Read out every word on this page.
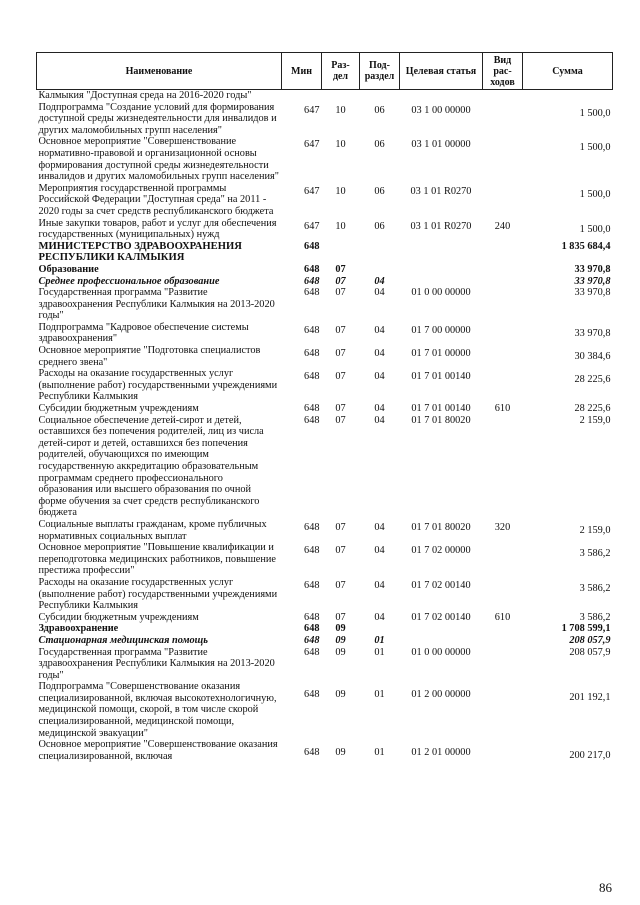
Наименование	Мин	Раз-дел	Под-раздел	Целевая статья	Вид рас-ходов	Сумма
Калмыкия "Доступная среда на 2016-2020 годы"						
Подпрограмма "Создание условий для формирования доступной среды жизнедеятельности для инвалидов и других маломобильных групп населения"	647	10	06	03 1 00 00000		1 500,0
Основное мероприятие "Совершенствование нормативно-правовой и организационной основы формирования доступной среды жизнедеятельности инвалидов и других маломобильных групп населения"	647	10	06	03 1 01 00000		1 500,0
Мероприятия государственной программы Российской Федерации "Доступная среда" на 2011 - 2020 годы за счет средств республиканского бюджета	647	10	06	03 1 01 R0270		1 500,0
Иные закупки товаров, работ и услуг для обеспечения государственных (муниципальных) нужд	647	10	06	03 1 01 R0270	240	1 500,0
МИНИСТЕРСТВО ЗДРАВООХРАНЕНИЯ РЕСПУБЛИКИ КАЛМЫКИЯ	648					1 835 684,4
Образование	648	07				33 970,8
Среднее профессиональное образование	648	07	04			33 970,8
Государственная программа "Развитие здравоохранения Республики Калмыкия на 2013-2020 годы"	648	07	04	01 0 00 00000		33 970,8
Подпрограмма "Кадровое обеспечение системы здравоохранения"	648	07	04	01 7 00 00000		33 970,8
Основное мероприятие "Подготовка специалистов среднего звена"	648	07	04	01 7 01 00000		30 384,6
Расходы на оказание государственных услуг (выполнение работ) государственными учреждениями Республики Калмыкия	648	07	04	01 7 01 00140		28 225,6
Субсидии бюджетным учреждениям	648	07	04	01 7 01 00140	610	28 225,6
Социальное обеспечение детей-сирот и детей, оставшихся без попечения родителей, лиц из числа детей-сирот и детей, оставшихся без попечения родителей, обучающихся по имеющим государственную аккредитацию образовательным программам среднего профессионального образования или высшего образования по очной форме обучения за счет средств республиканского бюджета	648	07	04	01 7 01 80020		2 159,0
Социальные выплаты гражданам, кроме публичных нормативных социальных выплат	648	07	04	01 7 01 80020	320	2 159,0
Основное мероприятие "Повышение квалификации и переподготовка медицинских работников, повышение престижа профессии"	648	07	04	01 7 02 00000		3 586,2
Расходы на оказание государственных услуг (выполнение работ) государственными учреждениями Республики Калмыкия	648	07	04	01 7 02 00140		3 586,2
Субсидии бюджетным учреждениям	648	07	04	01 7 02 00140	610	3 586,2
Здравоохранение	648	09				1 708 599,1
Стационарная медицинская помощь	648	09	01			208 057,9
Государственная программа "Развитие здравоохранения Республики Калмыкия на 2013-2020 годы"	648	09	01	01 0 00 00000		208 057,9
Подпрограмма "Совершенствование оказания специализированной, включая высокотехнологичную, медицинской помощи, скорой, в том числе скорой специализированной, медицинской помощи, медицинской эвакуации"	648	09	01	01 2 00 00000		201 192,1
Основное мероприятие "Совершенствование оказания специализированной, включая	648	09	01	01 2 01 00000		200 217,0
86
